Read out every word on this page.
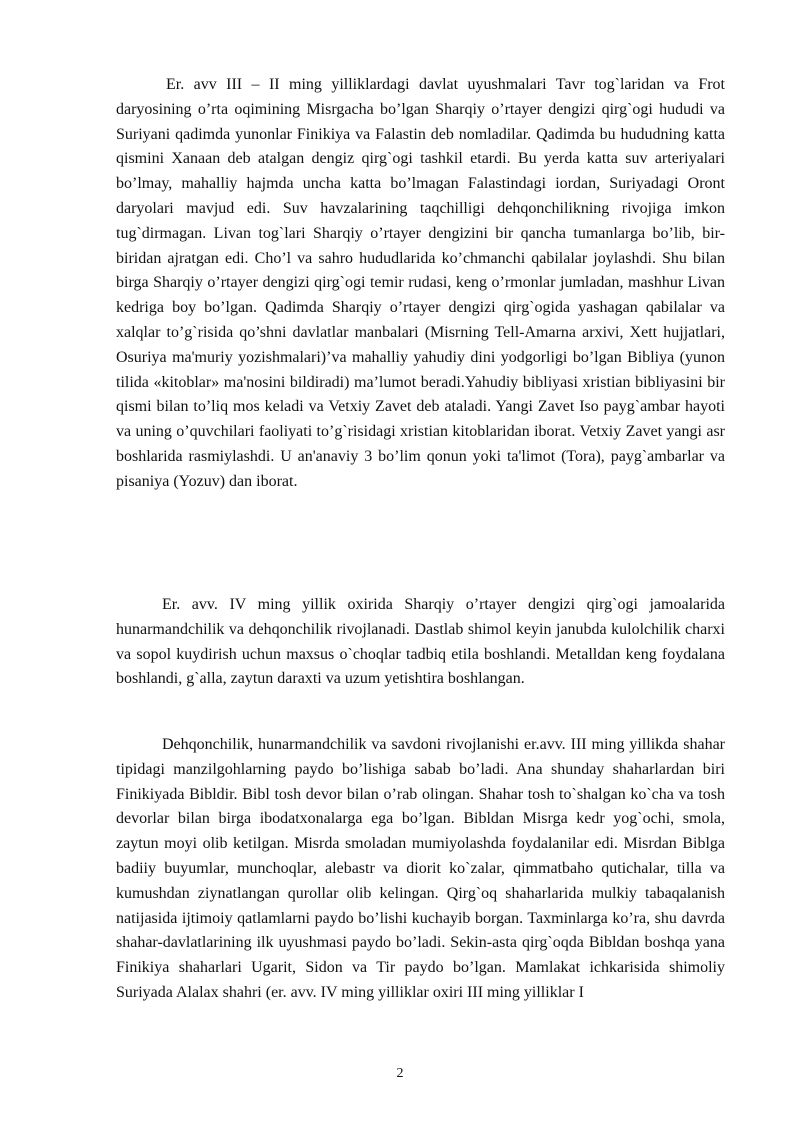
Er. avv III – II ming yilliklardagi davlat uyushmalari Tavr tog`laridan va Frot daryosining o’rta oqimining Misrgacha bo’lgan Sharqiy o’rtayer dengizi qirg`ogi hududi va Suriyani qadimda yunonlar Finikiya va Falastin deb nomladilar. Qadimda bu hududning katta qismini Xanaan deb atalgan dengiz qirg`ogi tashkil etardi. Bu yerda katta suv arteriyalari bo’lmay, mahalliy hajmda uncha katta bo’lmagan Falastindagi iordan, Suriyadagi Oront daryolari mavjud edi. Suv havzalarining taqchilligi dehqonchilikning rivojiga imkon tug`dirmagan. Livan tog`lari Sharqiy o’rtayer dengizini bir qancha tumanlarga bo’lib, bir-biridan ajratgan edi. Cho’l va sahro hududlarida ko’chmanchi qabilalar joylashdi. Shu bilan birga Sharqiy o’rtayer dengizi qirg`ogi temir rudasi, keng o’rmonlar jumladan, mashhur Livan kedriga boy bo’lgan. Qadimda Sharqiy o’rtayer dengizi qirg`ogida yashagan qabilalar va xalqlar to’g`risida qo’shni davlatlar manbalari (Misrning Tell-Amarna arxivi, Xett hujjatlari, Osuriya ma'muriy yozishmalari)’va mahalliy yahudiy dini yodgorligi bo’lgan Bibliya (yunon tilida «kitoblar» ma'nosini bildiradi) ma’lumot beradi.Yahudiy bibliyasi xristian bibliyasini bir qismi bilan to’liq mos keladi va Vetxiy Zavet deb ataladi. Yangi Zavet Iso payg`ambar hayoti va uning o’quvchilari faoliyati to’g`risidagi xristian kitoblaridan iborat. Vetxiy Zavet yangi asr boshlarida rasmiylashdi. U an'anaviy 3 bo’lim qonun yoki ta'limot (Tora), payg`ambarlar va pisaniya (Yozuv) dan iborat.

Er. avv. IV ming yillik oxirida Sharqiy o’rtayer dengizi qirg`ogi jamoalarida hunarmandchilik va dehqonchilik rivojlanadi. Dastlab shimol keyin janubda kulolchilik charxi va sopol kuydirish uchun maxsus o`choqlar tadbiq etila boshlandi. Metalldan keng foydalana boshlandi, g`alla, zaytun daraxti va uzum yetishtira boshlangan.

Dehqonchilik, hunarmandchilik va savdoni rivojlanishi er.avv. III ming yillikda shahar tipidagi manzilgohlarning paydo bo’lishiga sabab bo’ladi. Ana shunday shaharlardan biri Finikiyada Bibldir. Bibl tosh devor bilan o’rab olingan. Shahar tosh to`shalgan ko`cha va tosh devorlar bilan birga ibodatxonalarga ega bo’lgan. Bibldan Misrga kedr yog`ochi, smola, zaytun moyi olib ketilgan. Misrda smoladan mumiyolashda foydalanilar edi. Misrdan Biblga badiiy buyumlar, munchoqlar, alebastr va diorit ko`zalar, qimmatbaho qutichalar, tilla va kumushdan ziynatlangan qurollar olib kelingan. Qirg`oq shaharlarida mulkiy tabaqalanish natijasida ijtimoiy qatlamlarni paydo bo’lishi kuchayib borgan. Taxminlarga ko’ra, shu davrda shahar-davlatlarining ilk uyushmasi paydo bo’ladi. Sekin-asta qirg`oqda Bibldan boshqa yana Finikiya shaharlari Ugarit, Sidon va Tir paydo bo’lgan. Mamlakat ichkarisida shimoliy Suriyada Alalax shahri (er. avv. IV ming yilliklar oxiri III ming yilliklar I

2
